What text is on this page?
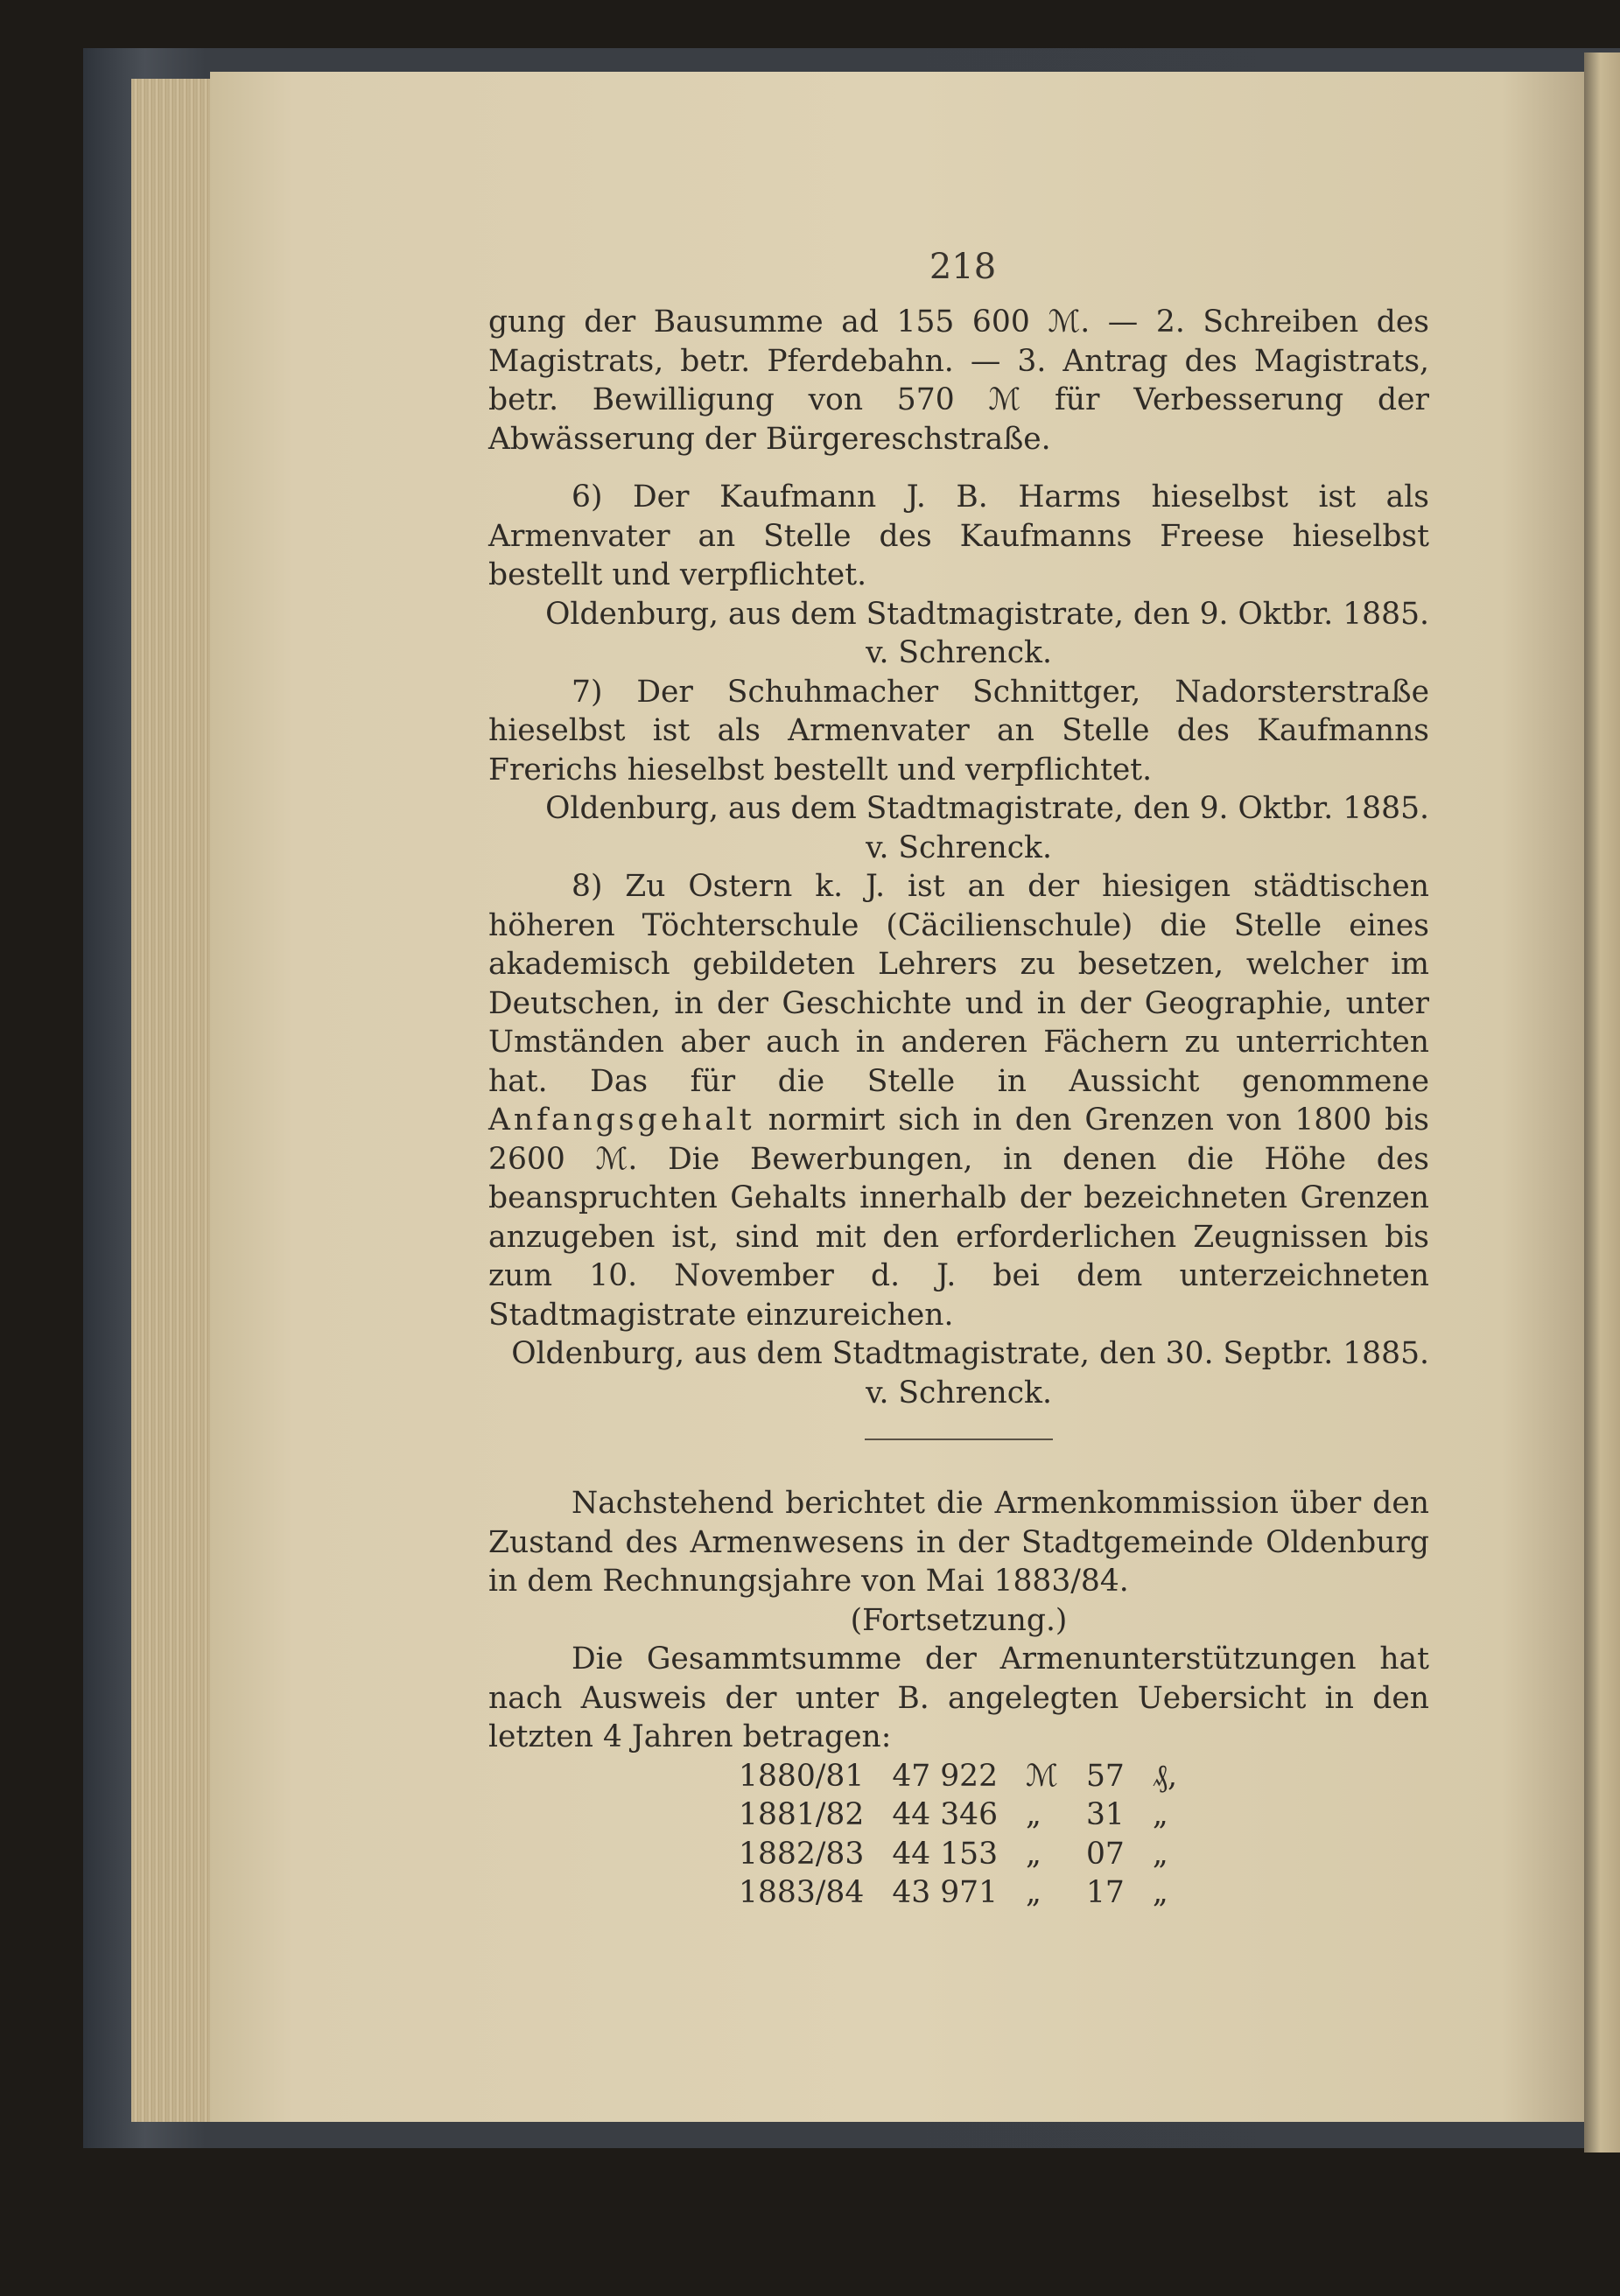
218

gung der Bausumme ad 155 600 ℳ. — 2. Schreiben des Magistrats, betr. Pferdebahn. — 3. Antrag des Magistrats, betr. Bewilligung von 570 ℳ für Verbesserung der Abwässerung der Bürgereschstraße.

6) Der Kaufmann J. B. Harms hieselbst ist als Armenvater an Stelle des Kaufmanns Freese hieselbst bestellt und verpflichtet.

Oldenburg, aus dem Stadtmagistrate, den 9. Oktbr. 1885.

v. Schrenck.

7) Der Schuhmacher Schnittger, Nadorsterstraße hieselbst ist als Armenvater an Stelle des Kaufmanns Frerichs hieselbst bestellt und verpflichtet.

Oldenburg, aus dem Stadtmagistrate, den 9. Oktbr. 1885.

v. Schrenck.

8) Zu Ostern k. J. ist an der hiesigen städtischen höheren Töchterschule (Cäcilienschule) die Stelle eines akademisch gebildeten Lehrers zu besetzen, welcher im Deutschen, in der Geschichte und in der Geographie, unter Umständen aber auch in anderen Fächern zu unterrichten hat. Das für die Stelle in Aussicht genommene Anfangsgehalt normirt sich in den Grenzen von 1800 bis 2600 ℳ. Die Bewerbungen, in denen die Höhe des beanspruchten Gehalts innerhalb der bezeichneten Grenzen anzugeben ist, sind mit den erforderlichen Zeugnissen bis zum 10. November d. J. bei dem unterzeichneten Stadtmagistrate einzureichen.

Oldenburg, aus dem Stadtmagistrate, den 30. Septbr. 1885.

v. Schrenck.

Nachstehend berichtet die Armenkommission über den Zustand des Armenwesens in der Stadtgemeinde Oldenburg in dem Rechnungsjahre von Mai 1883/84.

(Fortsetzung.)

Die Gesammtsumme der Armenunterstützungen hat nach Ausweis der unter B. angelegten Uebersicht in den letzten 4 Jahren betragen:

1880/81	47 922	ℳ	57	₰,
1881/82	44 346	„	31	„
1882/83	44 153	„	07	„
1883/84	43 971	„	17	„
